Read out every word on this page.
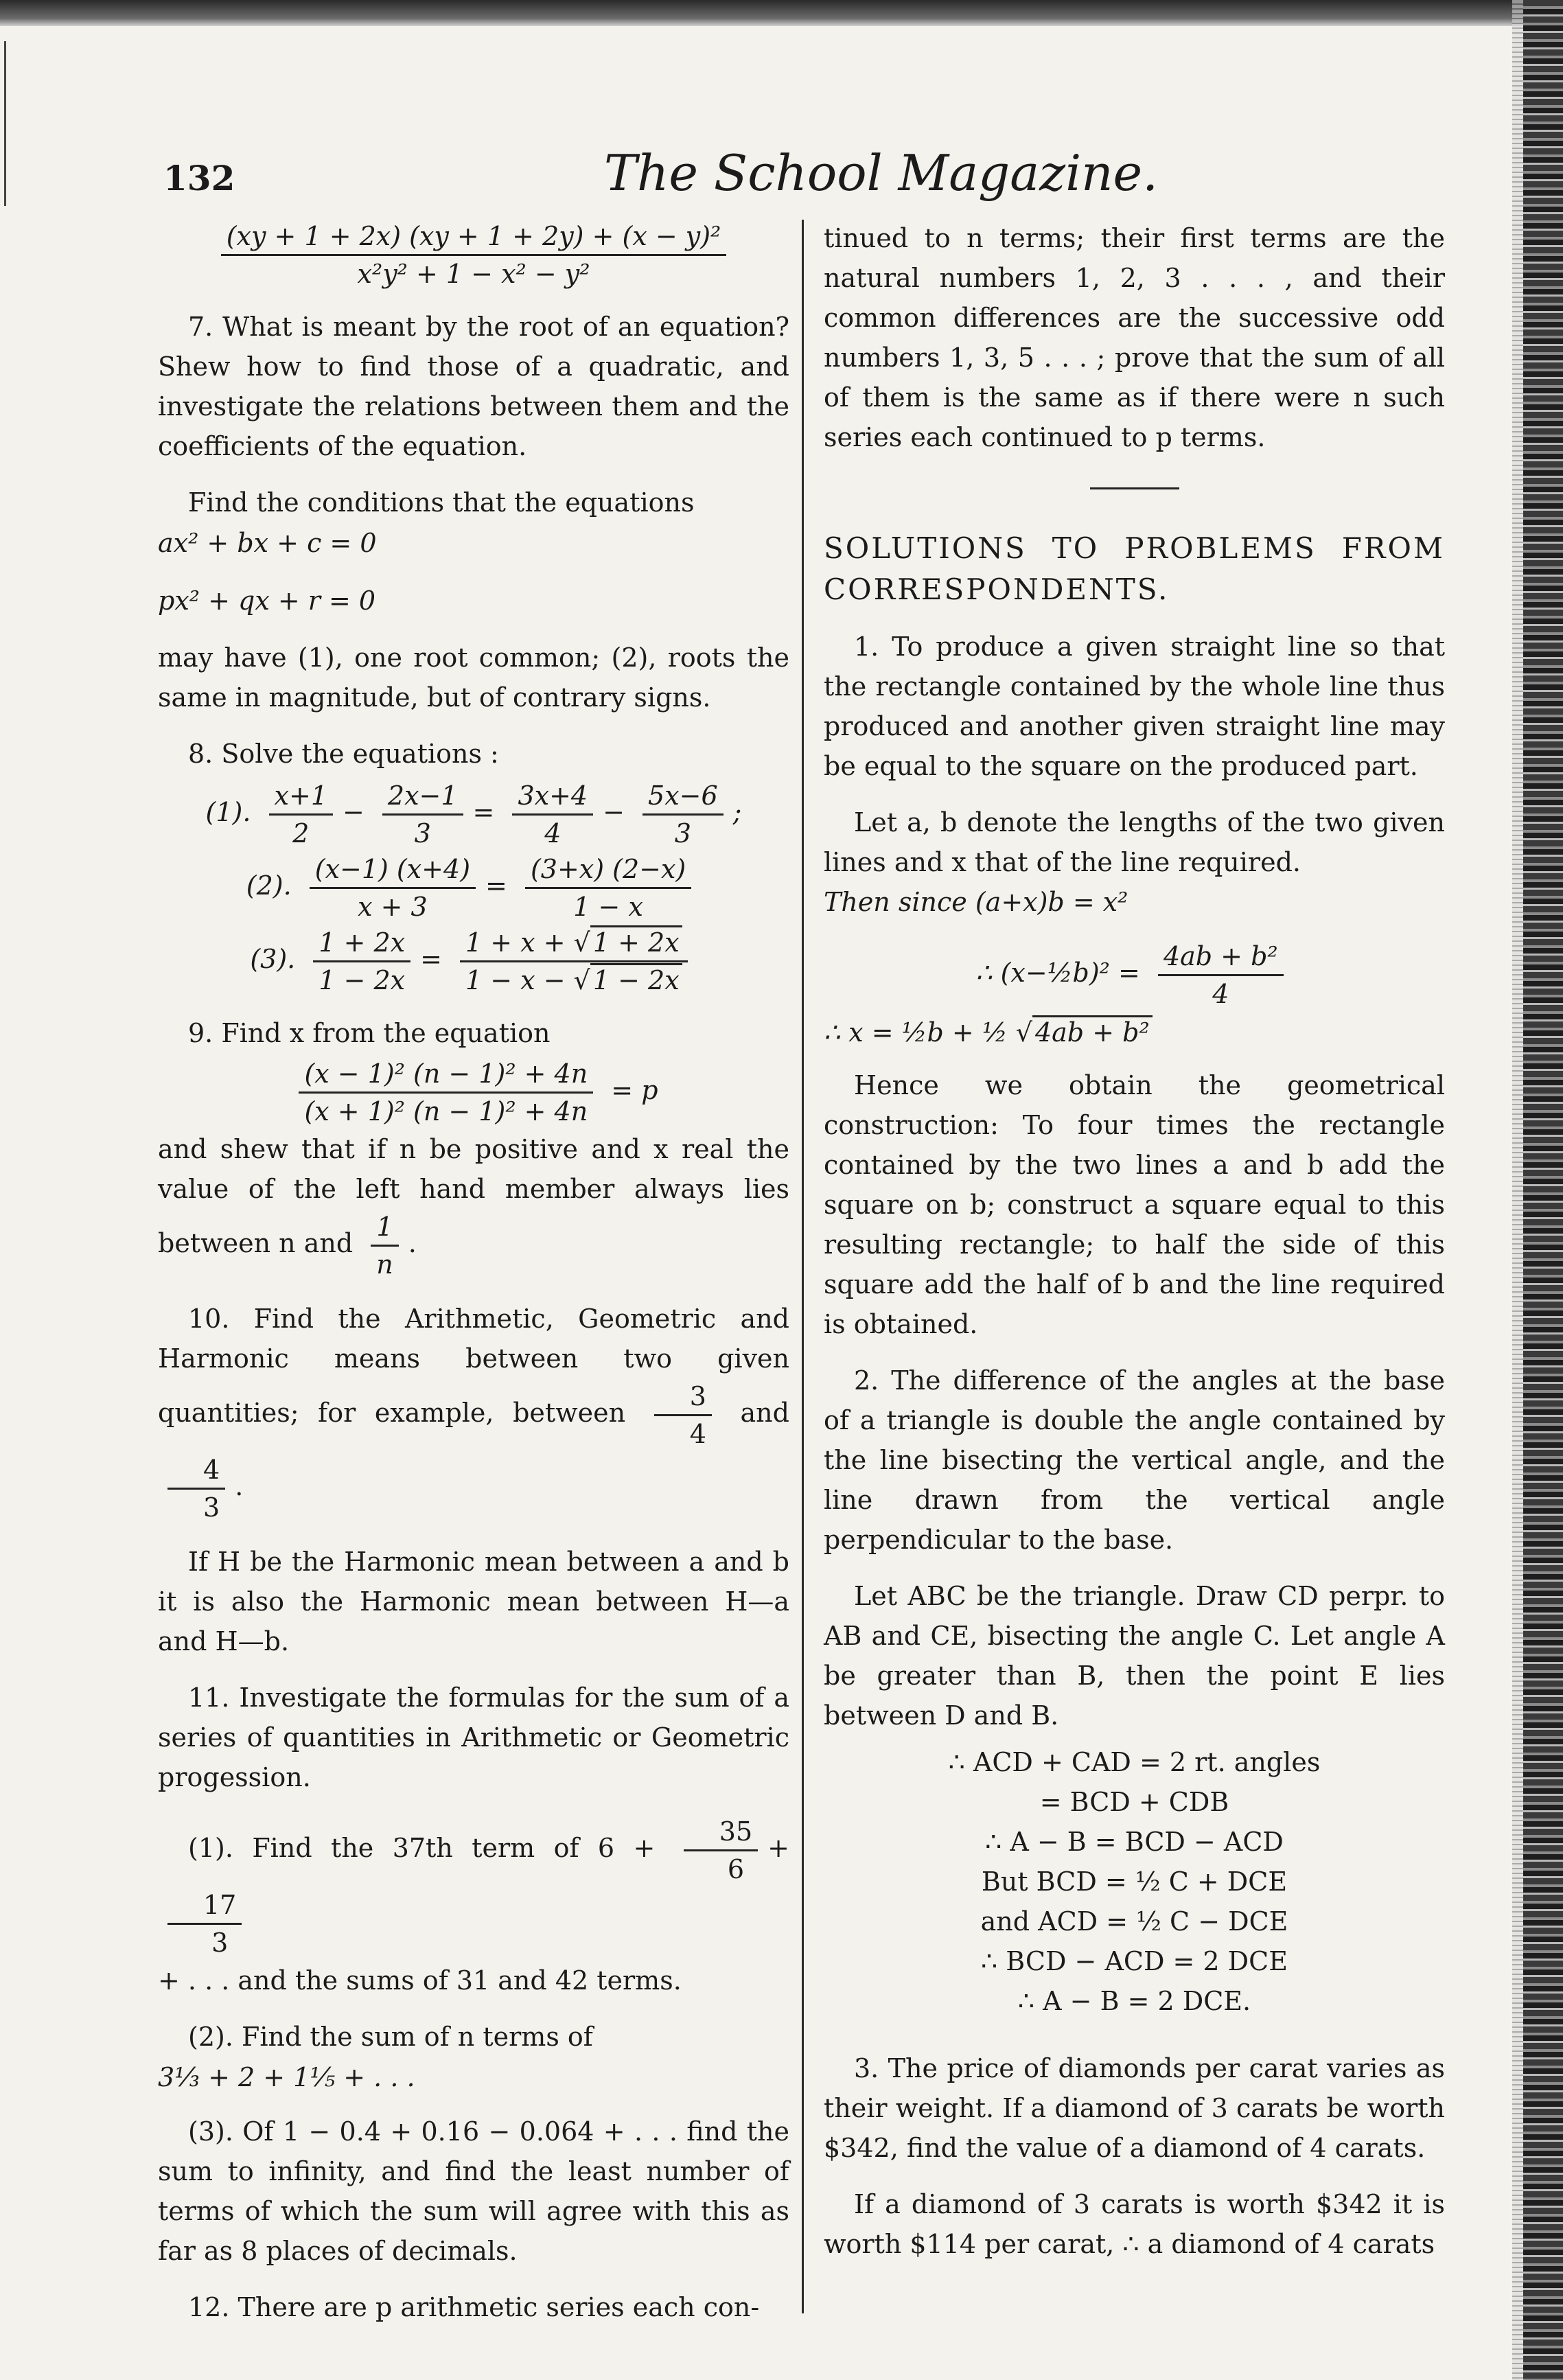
132	The School Magazine.
$\frac{\text{(xy + 1 + 2x) (xy + 1 + 2y) + (x − y)²}}{\text{x²y² + 1 − x² − y²}}$

7. What is meant by the root of an equation? Shew how to find those of a quadratic, and investigate the relations between them and the coefficients of the equation.

Find the conditions that the equations

ax² + bx + c = 0

px² + qx + r = 0

may have (1), one root common; (2), roots the same in magnitude, but of contrary signs.

8. Solve the equations :

(1). $\frac{x+1}{2} - \frac{2x-1}{3} = \frac{3x+4}{4} - \frac{5x-6}{3}$ ;
(2). $\frac{(x-1) (x+4)}{x + 3} = \frac{(3+x) (2-x)}{1 - x}$
(3). $\frac{1 + 2x}{1 - 2x} = \frac{1 + x + √ 1 + 2x}{1 - x - √ 1 - 2x}$

9. Find x from the equation

$\frac{\text{(x − 1)² (n − 1)² + 4n}}{\text{(x + 1)² (n − 1)² + 4n}} = p$

and shew that if n be positive and x real the value of the left hand member always lies between n and $\frac{1}{n}$ .

10. Find the Arithmetic, Geometric and Harmonic means between two given quantities; for example, between $\frac{3}{4}$ and
$\frac{4}{3}$ .

If H be the Harmonic mean between a and b it is also the Harmonic mean between H—a and H—b.

11. Investigate the formulas for the sum of a series of quantities in Arithmetic or Geometric progession.

(1). Find the 37th term of $6 + \frac{35}{6}$ +
$\frac{17}{3}$

+ . . . and the sums of 31 and 42 terms.

(2). Find the sum of n terms of

3⅓ + 2 + 1⅕ + . . .

(3). Of 1 − 0.4 + 0.16 − 0.064 + . . . find the sum to infinity, and find the least number of terms of which the sum will agree with this as far as 8 places of decimals.

12. There are p arithmetic series each con-

tinued to n terms; their first terms are the natural numbers 1, 2, 3 . . . , and their common differences are the successive odd numbers 1, 3, 5 . . . ; prove that the sum of all of them is the same as if there were n such series each continued to p terms.

SOLUTIONS TO PROBLEMS FROM CORRESPONDENTS.

1. To produce a given straight line so that the rectangle contained by the whole line thus produced and another given straight line may be equal to the square on the produced part.

Let a, b denote the lengths of the two given lines and x that of the line required.

Then since (a+x)b = x²

∴ (x−½b)² = $\frac{\text{4ab + b²}}{4}$

∴ x = ½b + ½ √ 4ab + b²

Hence we obtain the geometrical construction: To four times the rectangle contained by the two lines a and b add the square on b; construct a square equal to this resulting rectangle; to half the side of this square add the half of b and the line required is obtained.

2. The difference of the angles at the base of a triangle is double the angle contained by the line bisecting the vertical angle, and the line drawn from the vertical angle perpendicular to the base.

Let ABC be the triangle. Draw CD perpr. to AB and CE, bisecting the angle C. Let angle A be greater than B, then the point E lies between D and B.

∴ ACD + CAD = 2 rt. angles

= BCD + CDB

∴ A − B = BCD − ACD

But BCD = ½ C + DCE

and ACD = ½ C − DCE

∴ BCD − ACD = 2 DCE

∴ A − B = 2 DCE.

3. The price of diamonds per carat varies as their weight. If a diamond of 3 carats be worth $342, find the value of a diamond of 4 carats.

If a diamond of 3 carats is worth $342 it is worth $114 per carat, ∴ a diamond of 4 carats
